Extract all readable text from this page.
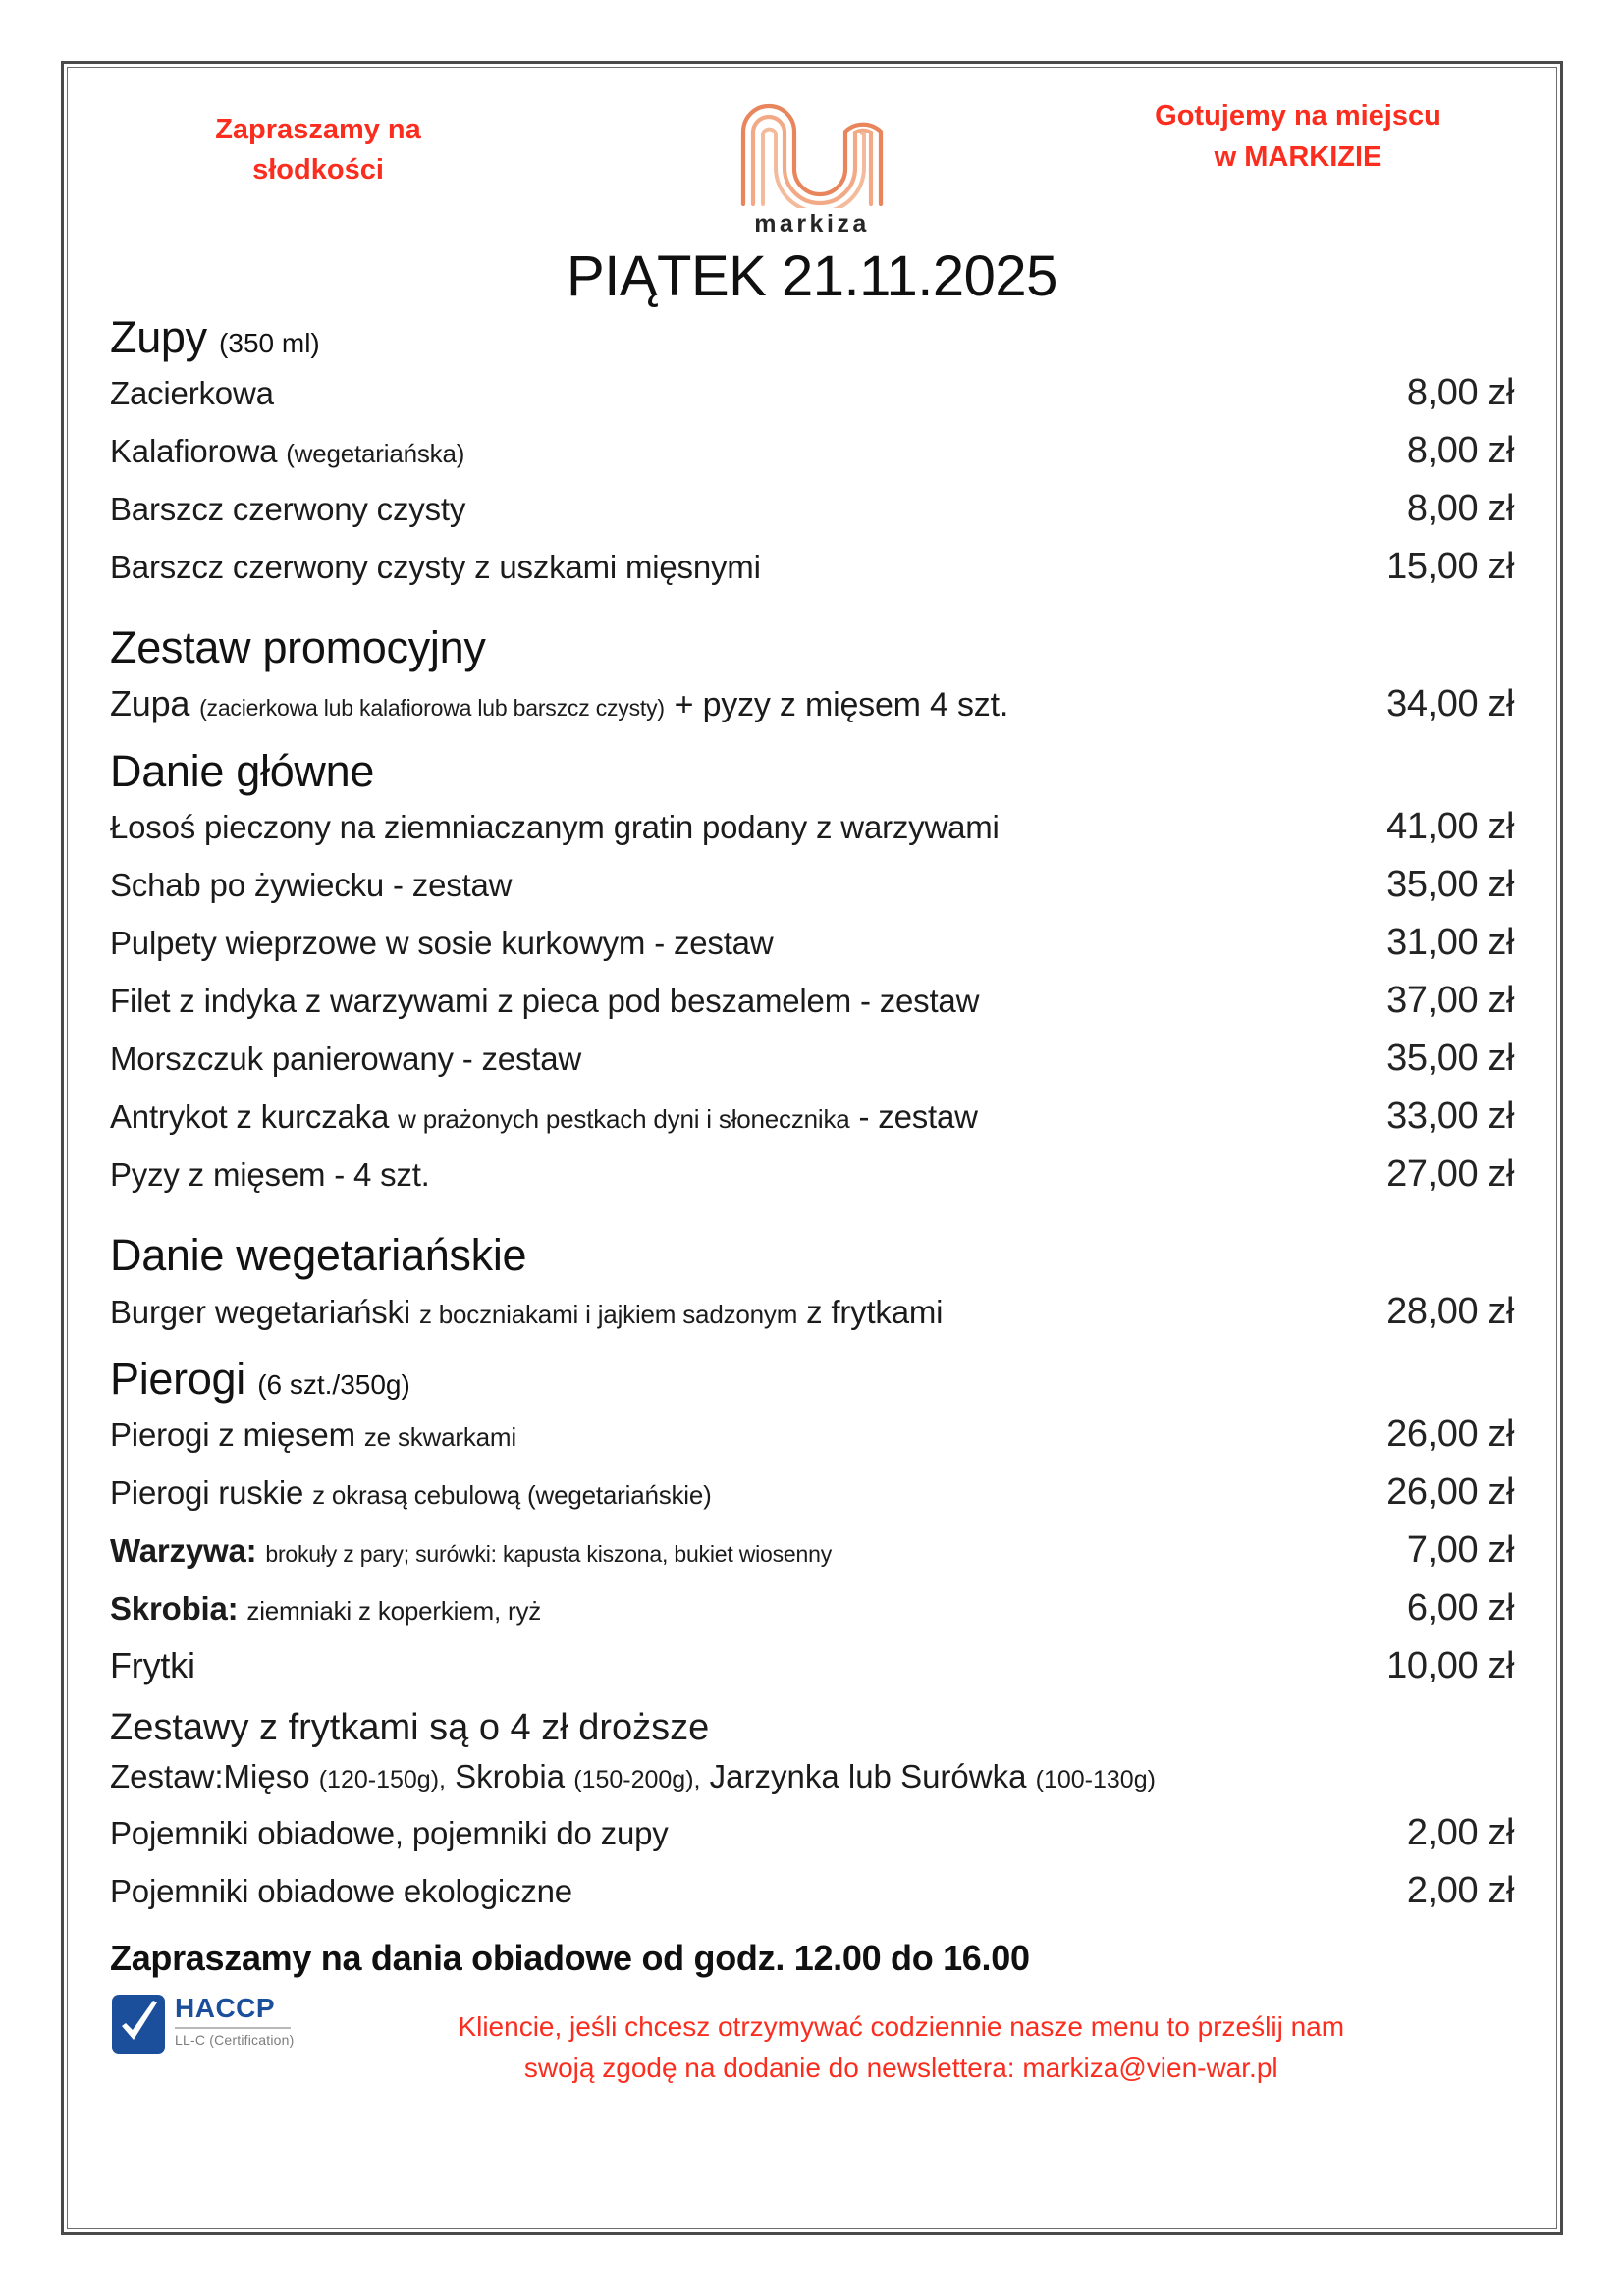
Zapraszamy na
słodkości
markiza
Gotujemy na miejscu
w MARKIZIE
PIĄTEK 21.11.2025
Zupy (350 ml)
Zacierkowa	8,00 zł
Kalafiorowa (wegetariańska)	8,00 zł
Barszcz czerwony czysty	8,00 zł
Barszcz czerwony czysty z uszkami mięsnymi	15,00 zł
Zestaw promocyjny
Zupa (zacierkowa lub kalafiorowa lub barszcz czysty) + pyzy z mięsem 4 szt.	34,00 zł
Danie główne
Łosoś pieczony na ziemniaczanym gratin podany z warzywami	41,00 zł
Schab po żywiecku - zestaw	35,00 zł
Pulpety wieprzowe w sosie kurkowym - zestaw	31,00 zł
Filet z indyka z warzywami z pieca pod beszamelem - zestaw	37,00 zł
Morszczuk panierowany - zestaw	35,00 zł
Antrykot z kurczaka w prażonych pestkach dyni i słonecznika - zestaw	33,00 zł
Pyzy z mięsem - 4 szt.	27,00 zł
Danie wegetariańskie
Burger wegetariański z boczniakami i jajkiem sadzonym z frytkami	28,00 zł
Pierogi (6 szt./350g)
Pierogi z mięsem ze skwarkami	26,00 zł
Pierogi ruskie z okrasą cebulową (wegetariańskie)	26,00 zł
Warzywa: brokuły z pary; surówki: kapusta kiszona, bukiet wiosenny	7,00 zł
Skrobia: ziemniaki z koperkiem, ryż	6,00 zł
Frytki	10,00 zł
Zestawy z frytkami są o 4 zł droższe
Zestaw:Mięso (120-150g), Skrobia (150-200g), Jarzynka lub Surówka (100-130g)
Pojemniki obiadowe, pojemniki do zupy	2,00 zł
Pojemniki obiadowe ekologiczne	2,00 zł
Zapraszamy na dania obiadowe od godz. 12.00 do 16.00
HACCP
LL-C (Certification)	Kliencie, jeśli chcesz otrzymywać codziennie nasze menu to prześlij nam
swoją zgodę na dodanie do newslettera: markiza@vien-war.pl
